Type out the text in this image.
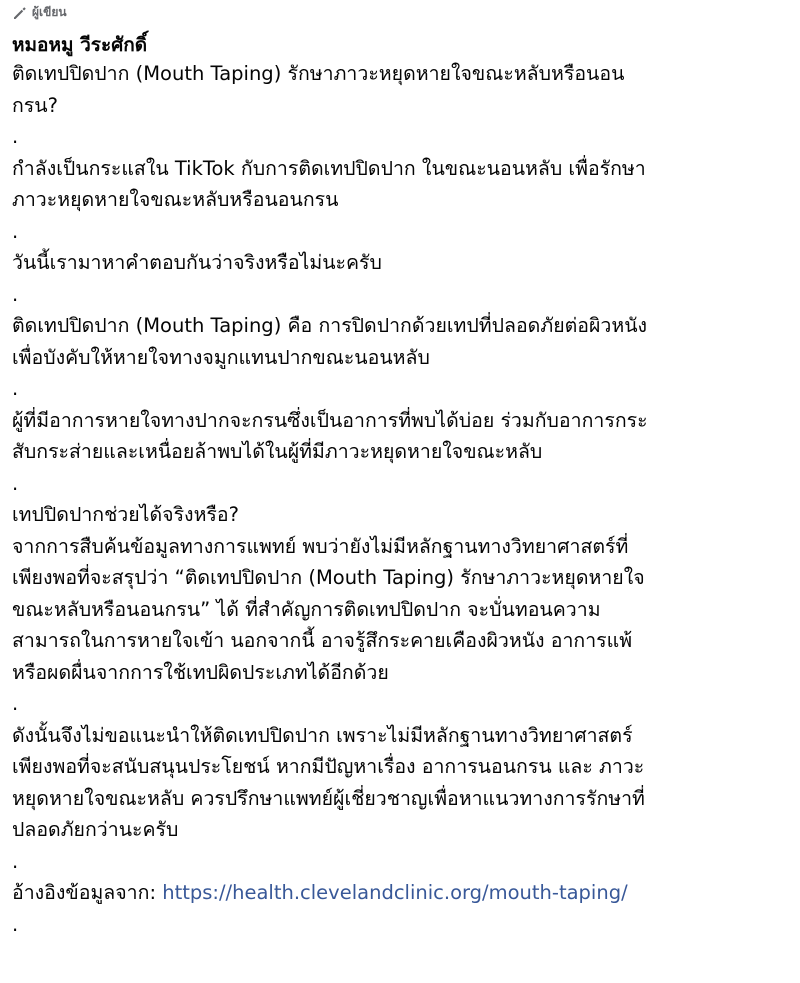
ผู้เขียน
หมอหมู วีระศักดิ์
ติดเทปปิดปาก (Mouth Taping) รักษาภาวะหยุดหายใจขณะหลับหรือนอน
กรน?
.
กำลังเป็นกระแสใน TikTok กับการติดเทปปิดปาก ในขณะนอนหลับ เพื่อรักษา
ภาวะหยุดหายใจขณะหลับหรือนอนกรน
.
วันนี้เรามาหาคำตอบกันว่าจริงหรือไม่นะครับ
.
ติดเทปปิดปาก (Mouth Taping) คือ การปิดปากด้วยเทปที่ปลอดภัยต่อผิวหนัง
เพื่อบังคับให้หายใจทางจมูกแทนปากขณะนอนหลับ
.
ผู้ที่มีอาการหายใจทางปากจะกรนซึ่งเป็นอาการที่พบได้บ่อย ร่วมกับอาการกระ
สับกระส่ายและเหนื่อยล้าพบได้ในผู้ที่มีภาวะหยุดหายใจขณะหลับ
.
เทปปิดปากช่วยได้จริงหรือ?
จากการสืบค้นข้อมูลทางการแพทย์ พบว่ายังไม่มีหลักฐานทางวิทยาศาสตร์ที่
เพียงพอที่จะสรุปว่า “ติดเทปปิดปาก (Mouth Taping) รักษาภาวะหยุดหายใจ
ขณะหลับหรือนอนกรน” ได้ ที่สำคัญการติดเทปปิดปาก จะบั่นทอนความ
สามารถในการหายใจเข้า นอกจากนี้ อาจรู้สึกระคายเคืองผิวหนัง อาการแพ้
หรือผดผื่นจากการใช้เทปผิดประเภทได้อีกด้วย
.
ดังนั้นจึงไม่ขอแนะนำให้ติดเทปปิดปาก เพราะไม่มีหลักฐานทางวิทยาศาสตร์
เพียงพอที่จะสนับสนุนประโยชน์ หากมีปัญหาเรื่อง อาการนอนกรน และ ภาวะ
หยุดหายใจขณะหลับ ควรปรึกษาแพทย์ผู้เชี่ยวชาญเพื่อหาแนวทางการรักษาที่
ปลอดภัยกว่านะครับ
.
อ้างอิงข้อมูลจาก: https://health.clevelandclinic.org/mouth-taping/
.
